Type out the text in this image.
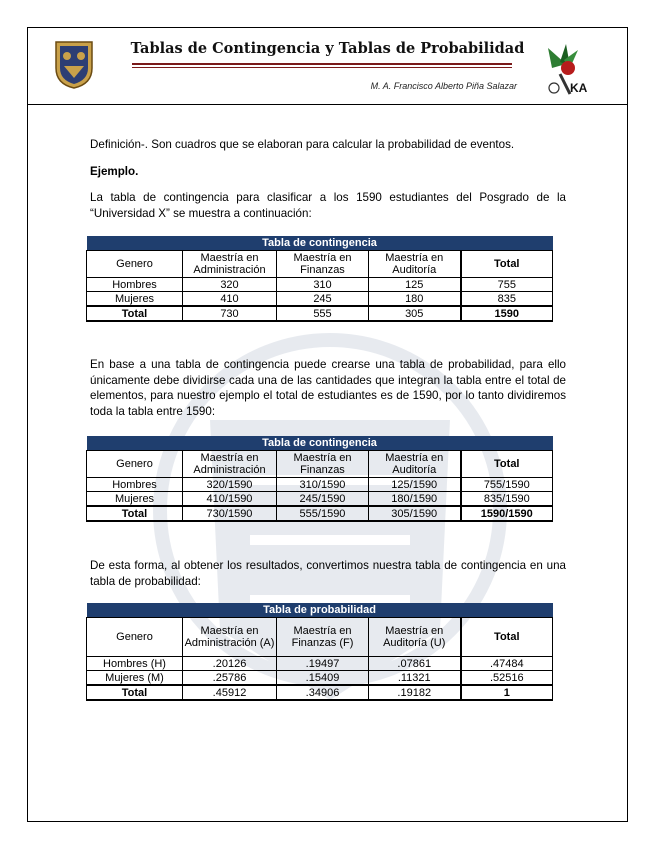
KA
Tablas de Contingencia y Tablas de Probabilidad
M. A. Francisco Alberto Piña Salazar
Definición-. Son cuadros que se elaboran para calcular la probabilidad de eventos.
Ejemplo.
La tabla de contingencia para clasificar a los 1590 estudiantes del Posgrado de la “Universidad X” se muestra a continuación:
Tabla de contingencia				
Genero	Maestría en Administración	Maestría en Finanzas	Maestría en Auditoría	Total
Hombres	320	310	125	755
Mujeres	410	245	180	835
Total	730	555	305	1590
En base a una tabla de contingencia puede crearse una tabla de probabilidad, para ello únicamente debe dividirse cada una de las cantidades que integran la tabla entre el total de elementos, para nuestro ejemplo el total de estudiantes es de 1590, por lo tanto dividiremos toda la tabla entre 1590:
Tabla de contingencia				
Genero	Maestría en Administración	Maestría en Finanzas	Maestría en Auditoría	Total
Hombres	320/1590	310/1590	125/1590	755/1590
Mujeres	410/1590	245/1590	180/1590	835/1590
Total	730/1590	555/1590	305/1590	1590/1590
De esta forma, al obtener los resultados, convertimos nuestra tabla de contingencia en una tabla de probabilidad:
Tabla de probabilidad				
Genero	Maestría en Administración (A)	Maestría en Finanzas (F)	Maestría en Auditoría (U)	Total
Hombres (H)	.20126	.19497	.07861	.47484
Mujeres (M)	.25786	.15409	.11321	.52516
Total	.45912	.34906	.19182	1
